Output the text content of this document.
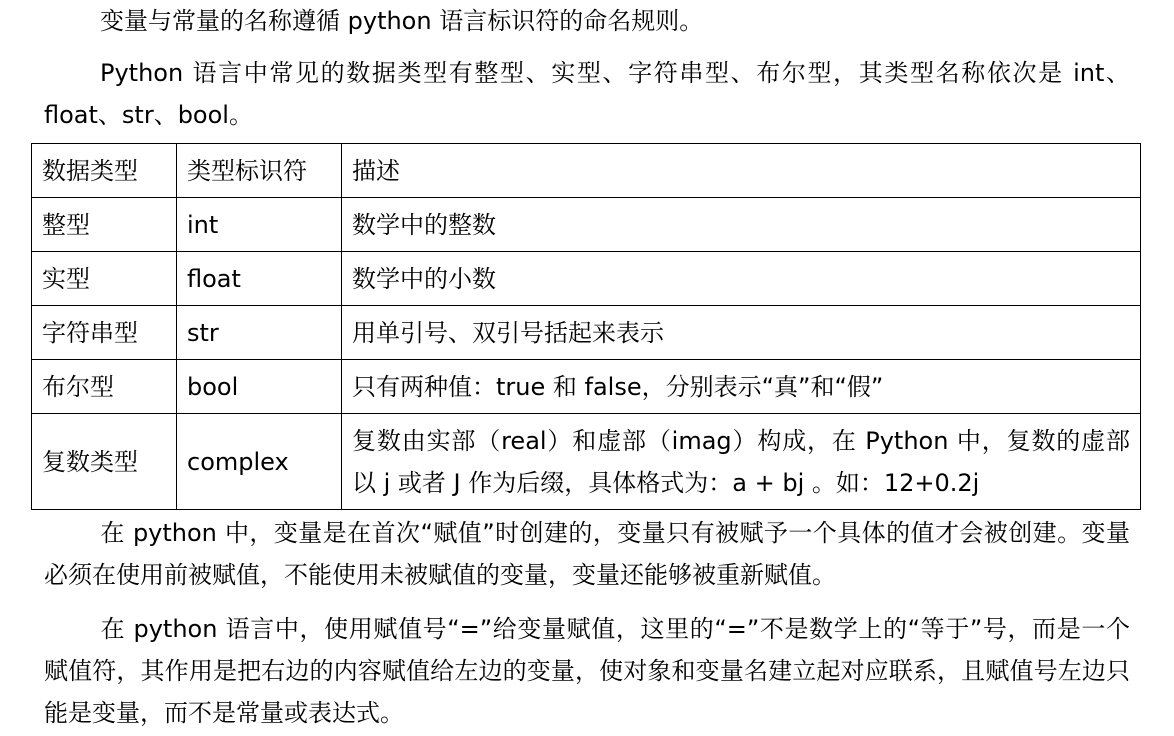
变量与常量的名称遵循 python 语言标识符的命名规则。

Python 语言中常见的数据类型有整型、实型、字符串型、布尔型，其类型名称依次是 int、float、str、bool。

数据类型	类型标识符	描述
整型	int	数学中的整数
实型	float	数学中的小数
字符串型	str	用单引号、双引号括起来表示
布尔型	bool	只有两种值：true 和 false，分别表示“真”和“假”
复数类型	complex	复数由实部（real）和虚部（imag）构成，在 Python 中，复数的虚部以 j 或者 J 作为后缀，具体格式为：a + bj 。如：12+0.2j

在 python 中，变量是在首次“赋值”时创建的，变量只有被赋予一个具体的值才会被创建。变量必须在使用前被赋值，不能使用未被赋值的变量，变量还能够被重新赋值。

在 python 语言中，使用赋值号“=”给变量赋值，这里的“=”不是数学上的“等于”号，而是一个赋值符，其作用是把右边的内容赋值给左边的变量，使对象和变量名建立起对应联系，且赋值号左边只能是变量，而不是常量或表达式。
